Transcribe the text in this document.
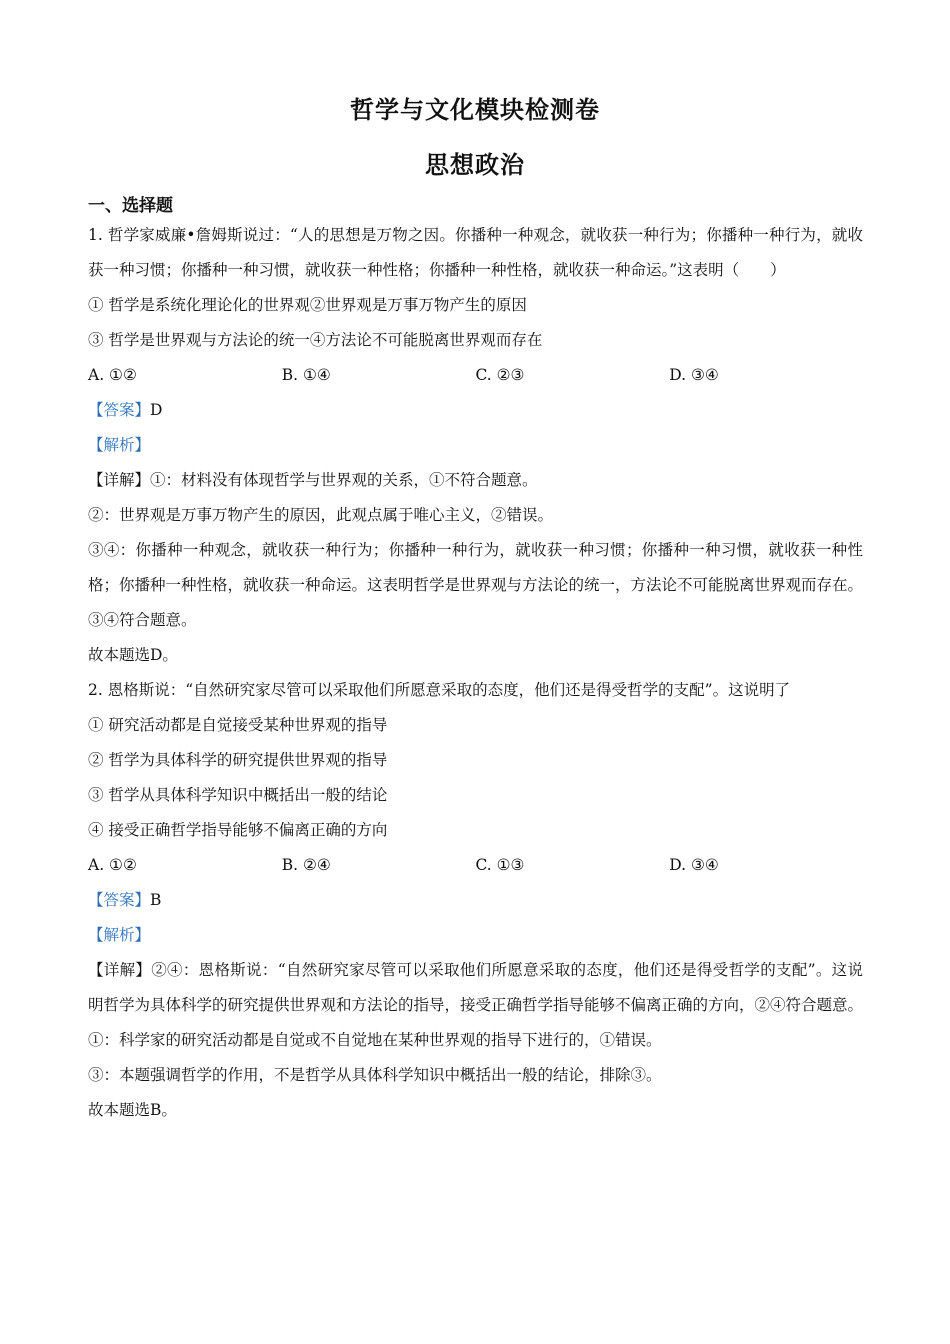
哲学与文化模块检测卷
思想政治
一、选择题
1. 哲学家威廉•詹姆斯说过：“人的思想是万物之因。你播种一种观念，就收获一种行为；你播种一种行为，就收获一种习惯；你播种一种习惯，就收获一种性格；你播种一种性格，就收获一种命运。”这表明（　　）
① 哲学是系统化理论化的世界观②世界观是万事万物产生的原因
③ 哲学是世界观与方法论的统一④方法论不可能脱离世界观而存在
A. ①②	B. ①④	C. ②③	D. ③④
【答案】D
【解析】
【详解】①：材料没有体现哲学与世界观的关系，①不符合题意。
②：世界观是万事万物产生的原因，此观点属于唯心主义，②错误。
③④：你播种一种观念，就收获一种行为；你播种一种行为，就收获一种习惯；你播种一种习惯，就收获一种性格；你播种一种性格，就收获一种命运。这表明哲学是世界观与方法论的统一，方法论不可能脱离世界观而存在。③④符合题意。
故本题选D。
2. 恩格斯说：“自然研究家尽管可以采取他们所愿意采取的态度，他们还是得受哲学的支配”。这说明了
① 研究活动都是自觉接受某种世界观的指导
② 哲学为具体科学的研究提供世界观的指导
③ 哲学从具体科学知识中概括出一般的结论
④ 接受正确哲学指导能够不偏离正确的方向
A. ①②	B. ②④	C. ①③	D. ③④
【答案】B
【解析】
【详解】②④：恩格斯说：“自然研究家尽管可以采取他们所愿意采取的态度，他们还是得受哲学的支配”。这说明哲学为具体科学的研究提供世界观和方法论的指导，接受正确哲学指导能够不偏离正确的方向，②④符合题意。
①：科学家的研究活动都是自觉或不自觉地在某种世界观的指导下进行的，①错误。
③：本题强调哲学的作用，不是哲学从具体科学知识中概括出一般的结论，排除③。
故本题选B。
